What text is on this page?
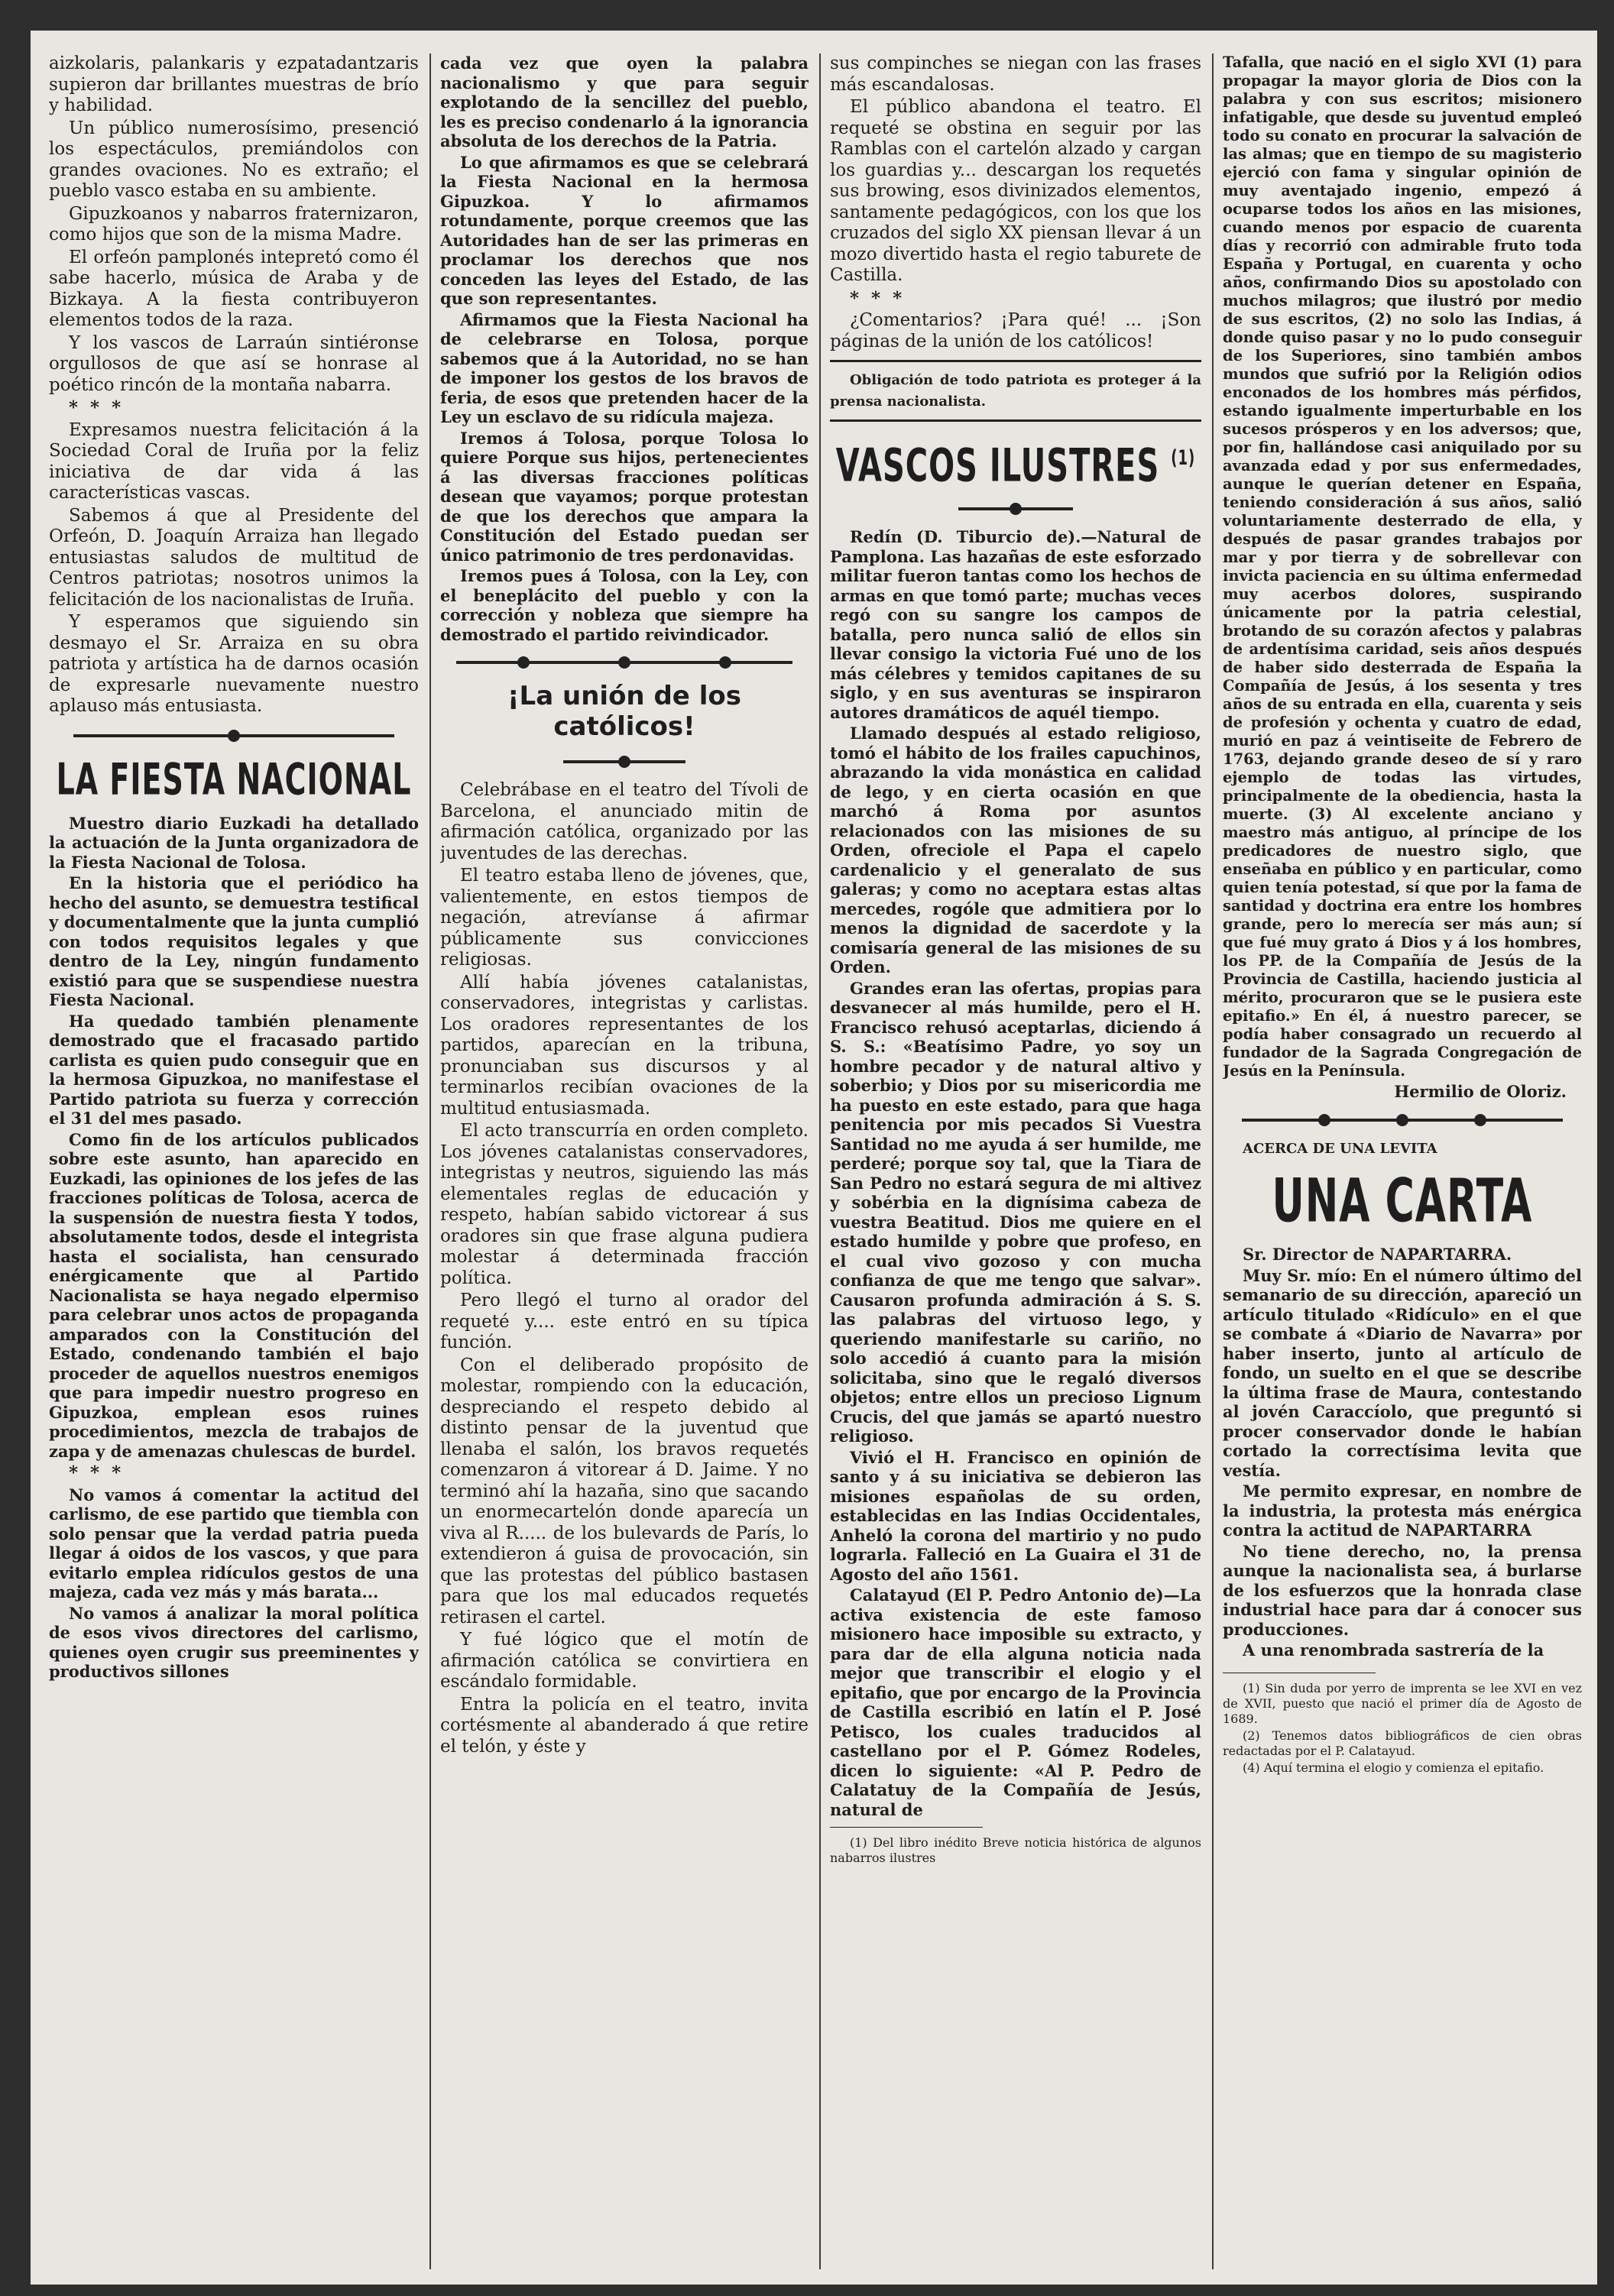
aizkolaris, palankaris y ezpatadantzaris supieron dar brillantes muestras de brío y habilidad.

Un público numerosísimo, presenció los espectáculos, premiándolos con grandes ovaciones. No es extraño; el pueblo vasco estaba en su ambiente.

Gipuzkoanos y nabarros fraternizaron, como hijos que son de la misma Madre.

El orfeón pamplonés intepretó como él sabe hacerlo, música de Araba y de Bizkaya. A la fiesta contribuyeron elementos todos de la raza.

Y los vascos de Larraún sintiéronse orgullosos de que así se honrase al poético rincón de la montaña nabarra.

* * *

Expresamos nuestra felicitación á la Sociedad Coral de Iruña por la feliz iniciativa de dar vida á las características vascas.

Sabemos á que al Presidente del Orfeón, D. Joaquín Arraiza han llegado entusiastas saludos de multitud de Centros patriotas; nosotros unimos la felicitación de los nacionalistas de Iruña.

Y esperamos que siguiendo sin desmayo el Sr. Arraiza en su obra patriota y artística ha de darnos ocasión de expresarle nuevamente nuestro aplauso más entusiasta.

LA FIESTA NACIONAL

Muestro diario Euzkadi ha detallado la actuación de la Junta organizadora de la Fiesta Nacional de Tolosa.

En la historia que el periódico ha hecho del asunto, se demuestra testifical y documentalmente que la junta cumplió con todos requisitos legales y que dentro de la Ley, ningún fundamento existió para que se suspendiese nuestra Fiesta Nacional.

Ha quedado también plenamente demostrado que el fracasado partido carlista es quien pudo conseguir que en la hermosa Gipuzkoa, no manifestase el Partido patriota su fuerza y corrección el 31 del mes pasado.

Como fin de los artículos publicados sobre este asunto, han aparecido en Euzkadi, las opiniones de los jefes de las fracciones políticas de Tolosa, acerca de la suspensión de nuestra fiesta Y todos, absolutamente todos, desde el integrista hasta el socialista, han censurado enérgicamente que al Partido Nacionalista se haya negado elpermiso para celebrar unos actos de propaganda amparados con la Constitución del Estado, condenando también el bajo proceder de aquellos nuestros enemigos que para impedir nuestro progreso en Gipuzkoa, emplean esos ruines procedimientos, mezcla de trabajos de zapa y de amenazas chulescas de burdel.

* * *

No vamos á comentar la actitud del carlismo, de ese partido que tiembla con solo pensar que la verdad patria pueda llegar á oidos de los vascos, y que para evitarlo emplea ridículos gestos de una majeza, cada vez más y más barata...

No vamos á analizar la moral política de esos vivos directores del carlismo, quienes oyen crugir sus preeminentes y productivos sillones

cada vez que oyen la palabra nacionalismo y que para seguir explotando de la sencillez del pueblo, les es preciso condenarlo á la ignorancia absoluta de los derechos de la Patria.

Lo que afirmamos es que se celebrará la Fiesta Nacional en la hermosa Gipuzkoa. Y lo afirmamos rotundamente, porque creemos que las Autoridades han de ser las primeras en proclamar los derechos que nos conceden las leyes del Estado, de las que son representantes.

Afirmamos que la Fiesta Nacional ha de celebrarse en Tolosa, porque sabemos que á la Autoridad, no se han de imponer los gestos de los bravos de feria, de esos que pretenden hacer de la Ley un esclavo de su ridícula majeza.

Iremos á Tolosa, porque Tolosa lo quiere Porque sus hijos, pertenecientes á las diversas fracciones políticas desean que vayamos; porque protestan de que los derechos que ampara la Constitución del Estado puedan ser único patrimonio de tres perdonavidas.

Iremos pues á Tolosa, con la Ley, con el beneplácito del pueblo y con la corrección y nobleza que siempre ha demostrado el partido reivindicador.

¡La unión de los católicos!

Celebrábase en el teatro del Tívoli de Barcelona, el anunciado mitin de afirmación católica, organizado por las juventudes de las derechas.

El teatro estaba lleno de jóvenes, que, valientemente, en estos tiempos de negación, atrevíanse á afirmar públicamente sus convicciones religiosas.

Allí había jóvenes catalanistas, conservadores, integristas y carlistas. Los oradores representantes de los partidos, aparecían en la tribuna, pronunciaban sus discursos y al terminarlos recibían ovaciones de la multitud entusiasmada.

El acto transcurría en orden completo. Los jóvenes catalanistas conservadores, integristas y neutros, siguiendo las más elementales reglas de educación y respeto, habían sabido victorear á sus oradores sin que frase alguna pudiera molestar á determinada fracción política.

Pero llegó el turno al orador del requeté y.... este entró en su típica función.

Con el deliberado propósito de molestar, rompiendo con la educación, despreciando el respeto debido al distinto pensar de la juventud que llenaba el salón, los bravos requetés comenzaron á vitorear á D. Jaime. Y no terminó ahí la hazaña, sino que sacando un enormecartelón donde aparecía un viva al R..... de los bulevards de París, lo extendieron á guisa de provocación, sin que las protestas del público bastasen para que los mal educados requetés retirasen el cartel.

Y fué lógico que el motín de afirmación católica se convirtiera en escándalo formidable.

Entra la policía en el teatro, invita cortésmente al abanderado á que retire el telón, y éste y

sus compinches se niegan con las frases más escandalosas.

El público abandona el teatro. El requeté se obstina en seguir por las Ramblas con el cartelón alzado y cargan los guardias y... descargan los requetés sus browing, esos divinizados elementos, santamente pedagógicos, con los que los cruzados del siglo XX piensan llevar á un mozo divertido hasta el regio taburete de Castilla.

* * *

¿Comentarios? ¡Para qué! ... ¡Son páginas de la unión de los católicos!

Obligación de todo patriota es proteger á la prensa nacionalista.

VASCOS ILUSTRES $^{(1)}$

Redín (D. Tiburcio de).—Natural de Pamplona. Las hazañas de este esforzado militar fueron tantas como los hechos de armas en que tomó parte; muchas veces regó con su sangre los campos de batalla, pero nunca salió de ellos sin llevar consigo la victoria Fué uno de los más célebres y temidos capitanes de su siglo, y en sus aventuras se inspiraron autores dramáticos de aquél tiempo.

Llamado después al estado religioso, tomó el hábito de los frailes capuchinos, abrazando la vida monástica en calidad de lego, y en cierta ocasión en que marchó á Roma por asuntos relacionados con las misiones de su Orden, ofreciole el Papa el capelo cardenalicio y el generalato de sus galeras; y como no aceptara estas altas mercedes, rogóle que admitiera por lo menos la dignidad de sacerdote y la comisaría general de las misiones de su Orden.

Grandes eran las ofertas, propias para desvanecer al más humilde, pero el H. Francisco rehusó aceptarlas, diciendo á S. S.: «Beatísimo Padre, yo soy un hombre pecador y de natural altivo y soberbio; y Dios por su misericordia me ha puesto en este estado, para que haga penitencia por mis pecados Si Vuestra Santidad no me ayuda á ser humilde, me perderé; porque soy tal, que la Tiara de San Pedro no estará segura de mi altivez y sobérbia en la dignísima cabeza de vuestra Beatitud. Dios me quiere en el estado humilde y pobre que profeso, en el cual vivo gozoso y con mucha confianza de que me tengo que salvar». Causaron profunda admiración á S. S. las palabras del virtuoso lego, y queriendo manifestarle su cariño, no solo accedió á cuanto para la misión solicitaba, sino que le regaló diversos objetos; entre ellos un precioso Lignum Crucis, del que jamás se apartó nuestro religioso.

Vivió el H. Francisco en opinión de santo y á su iniciativa se debieron las misiones españolas de su orden, establecidas en las Indias Occidentales, Anheló la corona del martirio y no pudo lograrla. Falleció en La Guaira el 31 de Agosto del año 1561.

Calatayud (El P. Pedro Antonio de)—La activa existencia de este famoso misionero hace imposible su extracto, y para dar de ella alguna noticia nada mejor que transcribir el elogio y el epitafio, que por encargo de la Provincia de Castilla escribió en latín el P. José Petisco, los cuales traducidos al castellano por el P. Gómez Rodeles, dicen lo siguiente: «Al P. Pedro de Calatatuy de la Compañía de Jesús, natural de

(1) Del libro inédito Breve noticia histórica de algunos nabarros ilustres

Tafalla, que nació en el siglo XVI (1) para propagar la mayor gloria de Dios con la palabra y con sus escritos; misionero infatigable, que desde su juventud empleó todo su conato en procurar la salvación de las almas; que en tiempo de su magisterio ejerció con fama y singular opinión de muy aventajado ingenio, empezó á ocuparse todos los años en las misiones, cuando menos por espacio de cuarenta días y recorrió con admirable fruto toda España y Portugal, en cuarenta y ocho años, confirmando Dios su apostolado con muchos milagros; que ilustró por medio de sus escritos, (2) no solo las Indias, á donde quiso pasar y no lo pudo conseguir de los Superiores, sino también ambos mundos que sufrió por la Religión odios enconados de los hombres más pérfidos, estando igualmente imperturbable en los sucesos prósperos y en los adversos; que, por fin, hallándose casi aniquilado por su avanzada edad y por sus enfermedades, aunque le querían detener en España, teniendo consideración á sus años, salió voluntariamente desterrado de ella, y después de pasar grandes trabajos por mar y por tierra y de sobrellevar con invicta paciencia en su última enfermedad muy acerbos dolores, suspirando únicamente por la patria celestial, brotando de su corazón afectos y palabras de ardentísima caridad, seis años después de haber sido desterrada de España la Compañía de Jesús, á los sesenta y tres años de su entrada en ella, cuarenta y seis de profesión y ochenta y cuatro de edad, murió en paz á veintiseite de Febrero de 1763, dejando grande deseo de sí y raro ejemplo de todas las virtudes, principalmente de la obediencia, hasta la muerte. (3) Al excelente anciano y maestro más antiguo, al príncipe de los predicadores de nuestro siglo, que enseñaba en público y en particular, como quien tenía potestad, sí que por la fama de santidad y doctrina era entre los hombres grande, pero lo merecía ser más aun; sí que fué muy grato á Dios y á los hombres, los PP. de la Compañía de Jesús de la Provincia de Castilla, haciendo justicia al mérito, procuraron que se le pusiera este epitafio.» En él, á nuestro parecer, se podía haber consagrado un recuerdo al fundador de la Sagrada Congregación de Jesús en la Península.

Hermilio de Oloriz.

ACERCA DE UNA LEVITA

UNA CARTA

Sr. Director de NAPARTARRA.

Muy Sr. mío: En el número último del semanario de su dirección, apareció un artículo titulado «Ridículo» en el que se combate á «Diario de Navarra» por haber inserto, junto al artículo de fondo, un suelto en el que se describe la última frase de Maura, contestando al jovén Caraccíolo, que preguntó si procer conservador donde le habían cortado la correctísima levita que vestía.

Me permito expresar, en nombre de la industria, la protesta más enérgica contra la actitud de NAPARTARRA

No tiene derecho, no, la prensa aunque la nacionalista sea, á burlarse de los esfuerzos que la honrada clase industrial hace para dar á conocer sus producciones.

A una renombrada sastrería de la

(1) Sin duda por yerro de imprenta se lee XVI en vez de XVII, puesto que nació el primer día de Agosto de 1689.

(2) Tenemos datos bibliográficos de cien obras redactadas por el P. Calatayud.

(4) Aquí termina el elogio y comienza el epitafio.
